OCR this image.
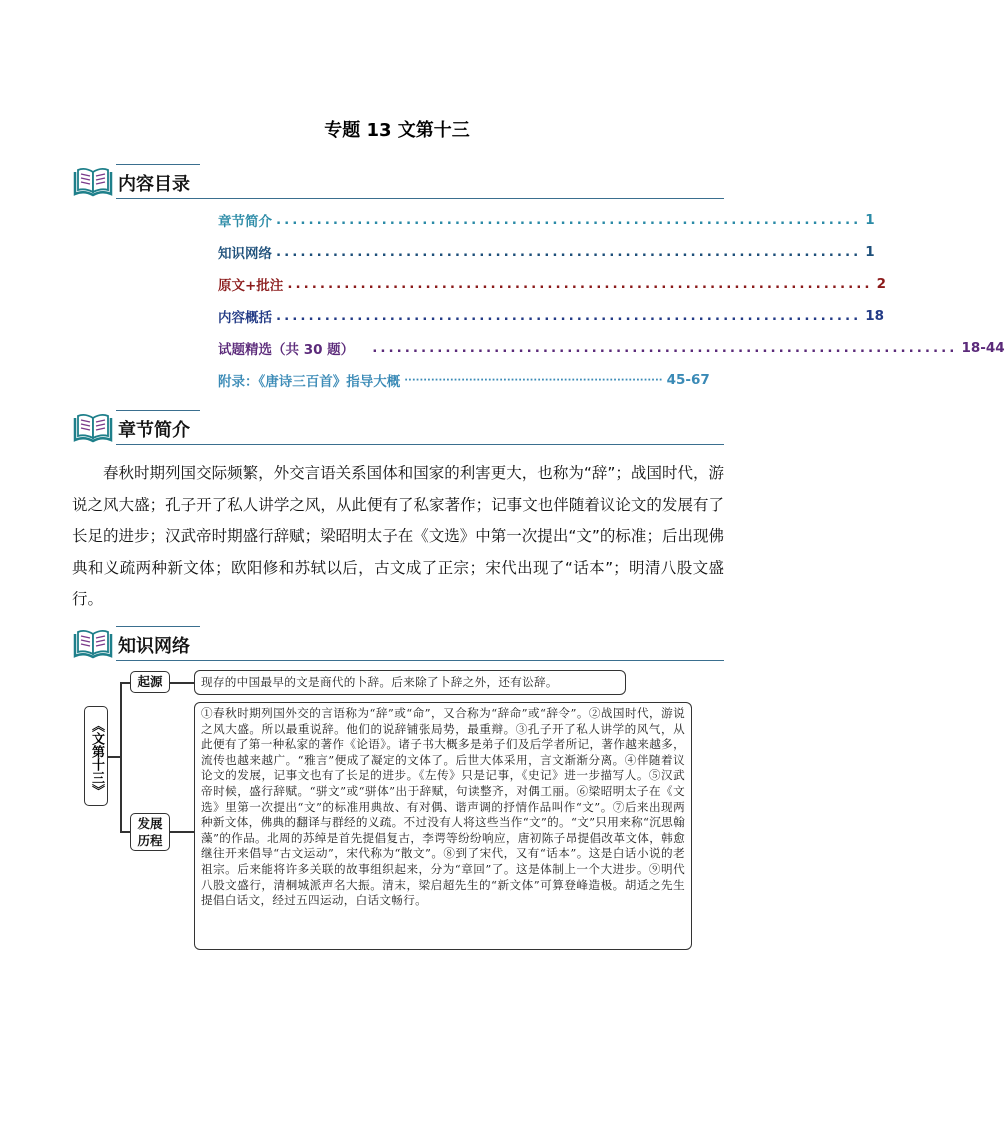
专题 13 文第十三
内容目录
章节简介 ........................................................................ 1
知识网络 ........................................................................ 1
原文+批注 ........................................................................ 2
内容概括 ........................................................................ 18
试题精选（共 30 题） ........................................................................ 18-44
附录：《唐诗三百首》指导大概 ···································································· 45-67
章节简介

春秋时期列国交际频繁，外交言语关系国体和国家的利害更大，也称为“辞”；战国时代，游说之风大盛；孔子开了私人讲学之风，从此便有了私家著作；记事文也伴随着议论文的发展有了长足的进步；汉武帝时期盛行辞赋；梁昭明太子在《文选》中第一次提出“文”的标准；后出现佛典和义疏两种新文体；欧阳修和苏轼以后，古文成了正宗；宋代出现了“话本”；明清八股文盛行。

知识网络
《文第十三》
起源	现存的中国最早的文是商代的卜辞。后来除了卜辞之外，还有讼辞。
发展历程
①春秋时期列国外交的言语称为“辞”或“命”，又合称为“辞命”或“辞令”。②战国时代，游说之风大盛。所以最重说辞。他们的说辞铺张局势，最重辩。③孔子开了私人讲学的风气，从此便有了第一种私家的著作《论语》。诸子书大概多是弟子们及后学者所记，著作越来越多，流传也越来越广。“雅言”便成了凝定的文体了。后世大体采用，言文渐渐分离。④伴随着议论文的发展，记事文也有了长足的进步。《左传》只是记事，《史记》进一步描写人。⑤汉武帝时候，盛行辞赋。“骈文”或“骈体”出于辞赋，句读整齐，对偶工丽。⑥梁昭明太子在《文选》里第一次提出“文”的标准用典故、有对偶、谐声调的抒情作品叫作“文”。⑦后来出现两种新文体，佛典的翻译与群经的义疏。不过没有人将这些当作“文”的。“文”只用来称“沉思翰藻”的作品。北周的苏绰是首先提倡复古，李谔等纷纷响应，唐初陈子昂提倡改革文体，韩愈继往开来倡导“古文运动”，宋代称为“散文”。⑧到了宋代，又有“话本”。这是白话小说的老祖宗。后来能将许多关联的故事组织起来，分为“章回”了。这是体制上一个大进步。⑨明代八股文盛行，清桐城派声名大振。清末，梁启超先生的“新文体”可算登峰造极。胡适之先生提倡白话文，经过五四运动，白话文畅行。
